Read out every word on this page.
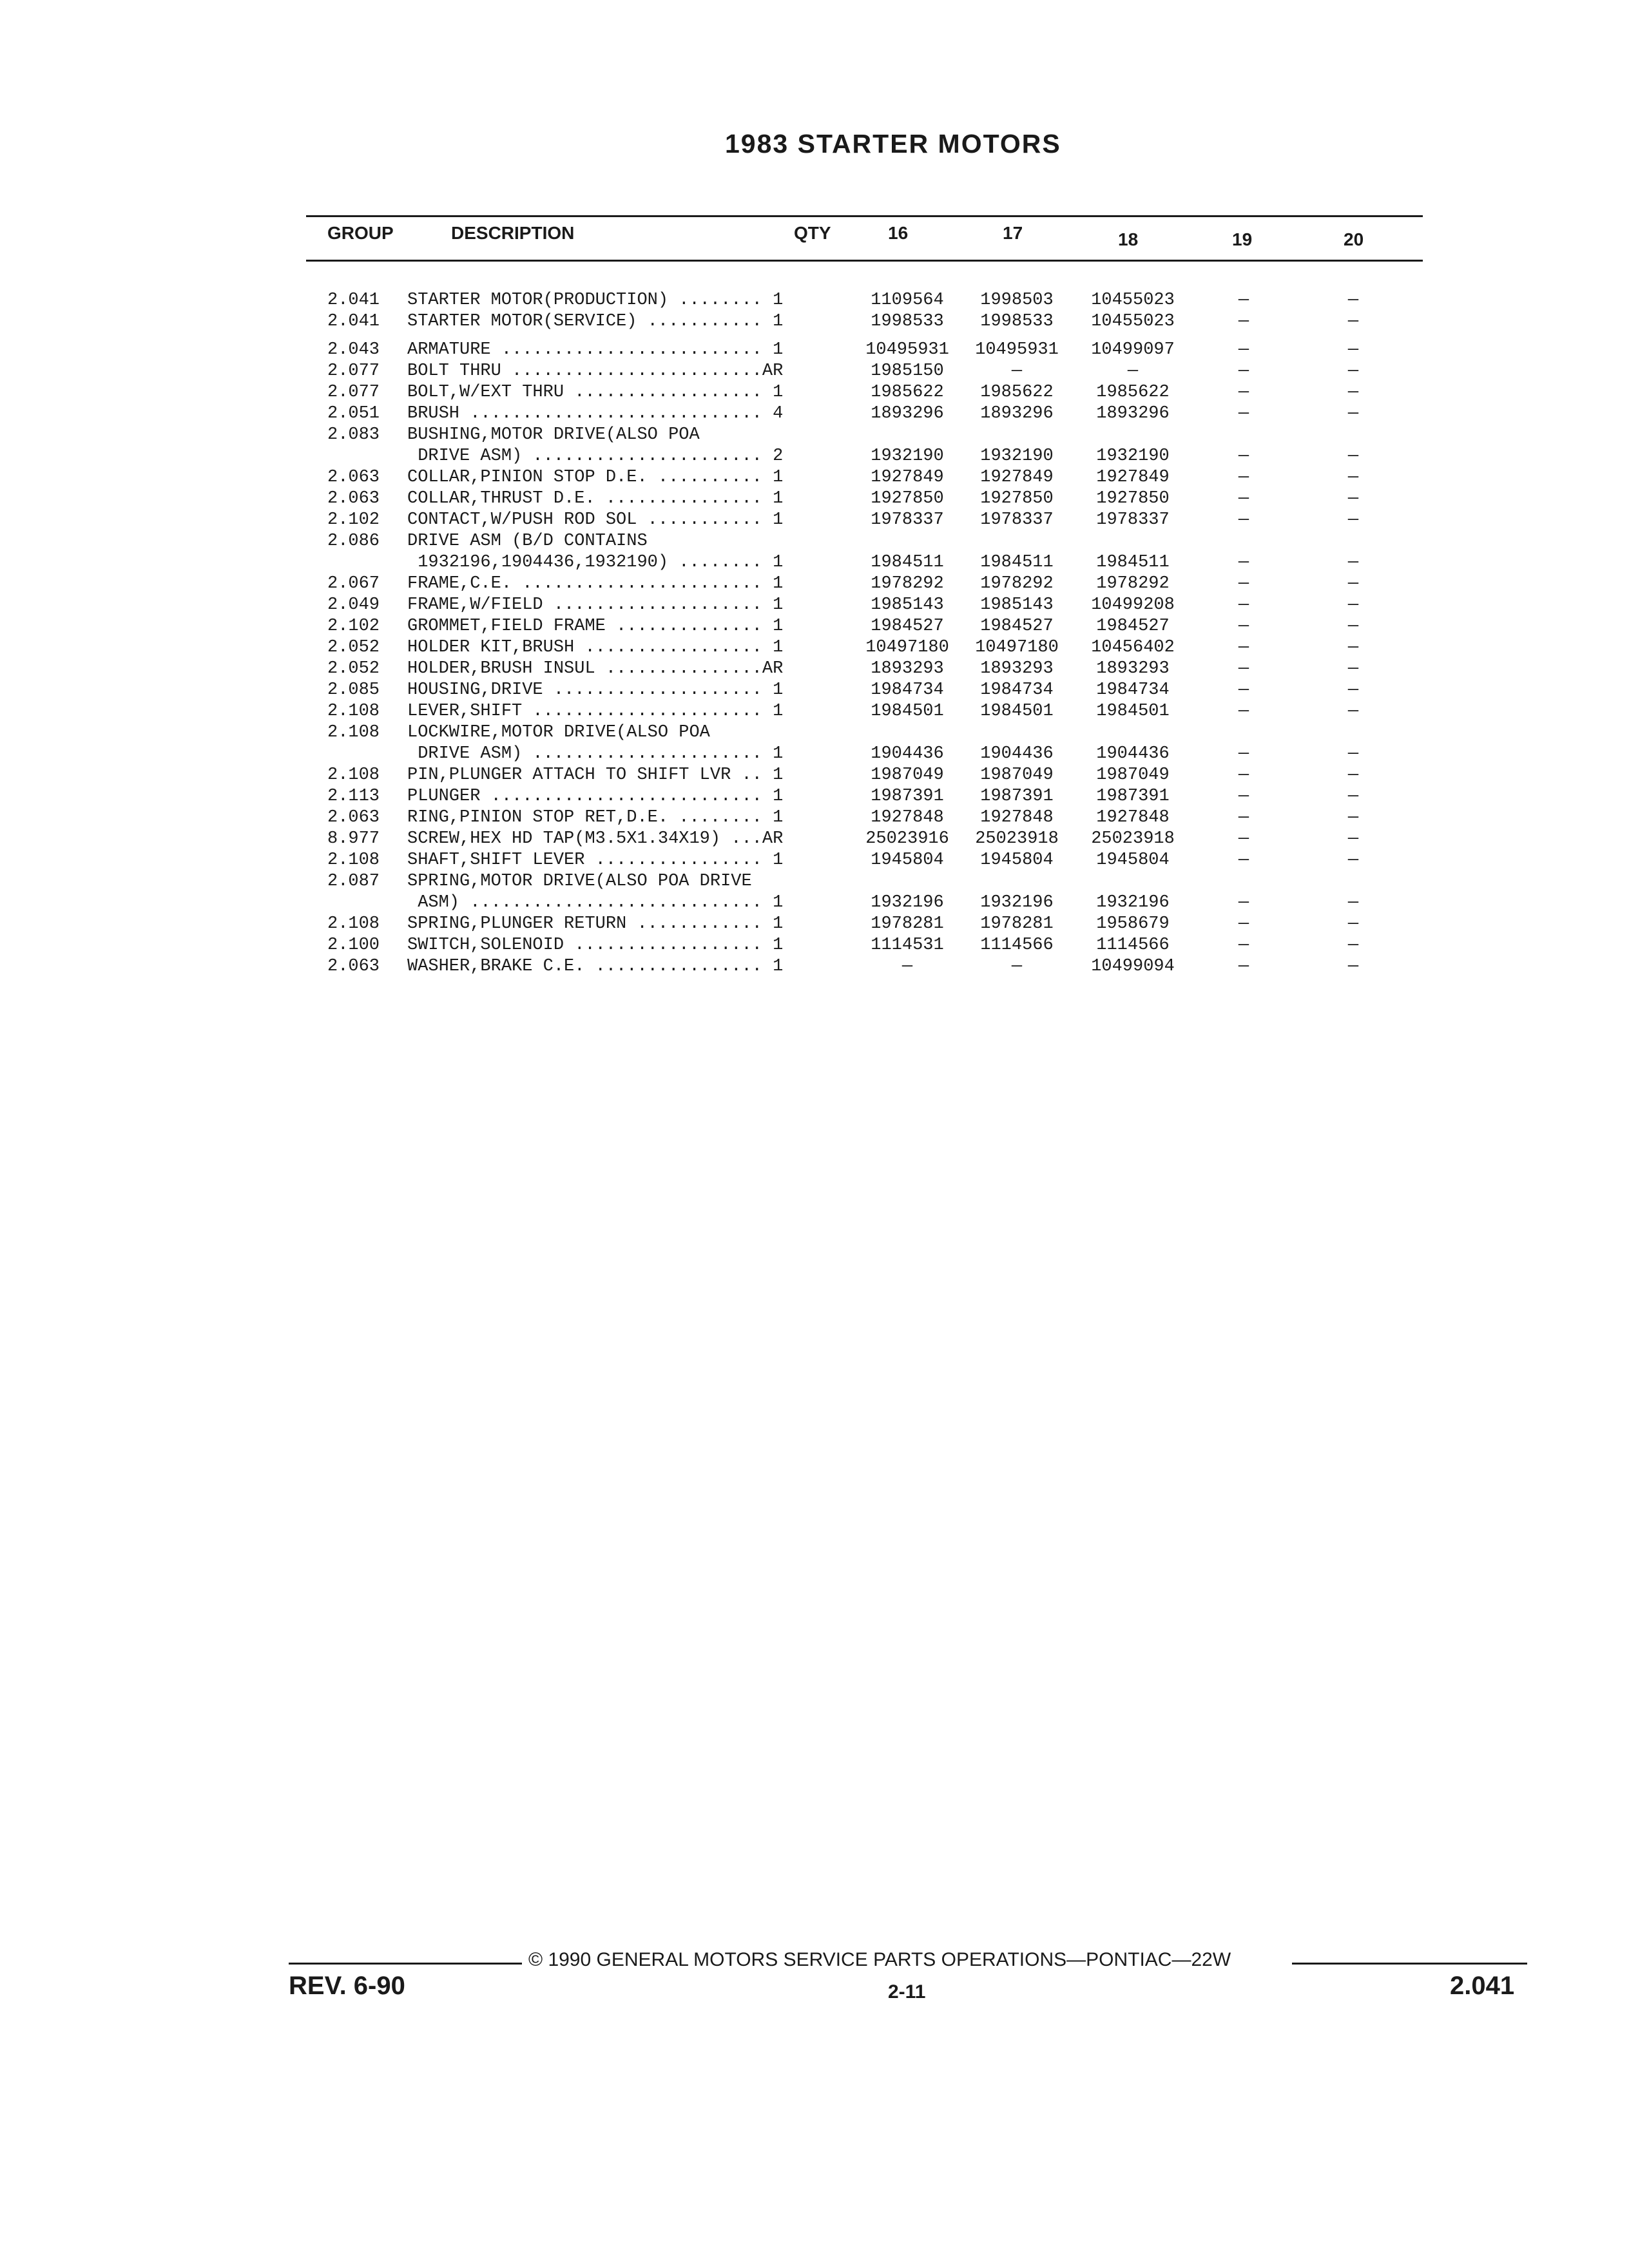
1983 STARTER MOTORS
GROUP	DESCRIPTION	QTY	16	17	18	19	20
2.041 STARTER MOTOR(PRODUCTION) ........ 1	1109564	1998503	10455023	—	—
2.041 STARTER MOTOR(SERVICE) ........... 1	1998533	1998533	10455023	—	—
2.043 ARMATURE ......................... 1	10495931	10495931	10499097	—	—
2.077 BOLT THRU ........................AR	1985150	—	—	—	—
2.077 BOLT,W/EXT THRU .................. 1	1985622	1985622	1985622	—	—
2.051 BRUSH ............................ 4	1893296	1893296	1893296	—	—
2.083 BUSHING,MOTOR DRIVE(ALSO POA
DRIVE ASM) ...................... 2	1932190	1932190	1932190	—	—
2.063 COLLAR,PINION STOP D.E. .......... 1	1927849	1927849	1927849	—	—
2.063 COLLAR,THRUST D.E. ............... 1	1927850	1927850	1927850	—	—
2.102 CONTACT,W/PUSH ROD SOL ........... 1	1978337	1978337	1978337	—	—
2.086 DRIVE ASM (B/D CONTAINS
1932196,1904436,1932190) ........ 1	1984511	1984511	1984511	—	—
2.067 FRAME,C.E. ....................... 1	1978292	1978292	1978292	—	—
2.049 FRAME,W/FIELD .................... 1	1985143	1985143	10499208	—	—
2.102 GROMMET,FIELD FRAME .............. 1	1984527	1984527	1984527	—	—
2.052 HOLDER KIT,BRUSH ................. 1	10497180	10497180	10456402	—	—
2.052 HOLDER,BRUSH INSUL ...............AR	1893293	1893293	1893293	—	—
2.085 HOUSING,DRIVE .................... 1	1984734	1984734	1984734	—	—
2.108 LEVER,SHIFT ...................... 1	1984501	1984501	1984501	—	—
2.108 LOCKWIRE,MOTOR DRIVE(ALSO POA
DRIVE ASM) ...................... 1	1904436	1904436	1904436	—	—
2.108 PIN,PLUNGER ATTACH TO SHIFT LVR .. 1	1987049	1987049	1987049	—	—
2.113 PLUNGER .......................... 1	1987391	1987391	1987391	—	—
2.063 RING,PINION STOP RET,D.E. ........ 1	1927848	1927848	1927848	—	—
8.977 SCREW,HEX HD TAP(M3.5X1.34X19) ...AR	25023916	25023918	25023918	—	—
2.108 SHAFT,SHIFT LEVER ................ 1	1945804	1945804	1945804	—	—
2.087 SPRING,MOTOR DRIVE(ALSO POA DRIVE
ASM) ............................ 1	1932196	1932196	1932196	—	—
2.108 SPRING,PLUNGER RETURN ............ 1	1978281	1978281	1958679	—	—
2.100 SWITCH,SOLENOID .................. 1	1114531	1114566	1114566	—	—
2.063 WASHER,BRAKE C.E. ................ 1	—	—	10499094	—	—
© 1990 GENERAL MOTORS SERVICE PARTS OPERATIONS—PONTIAC—22W
REV. 6-90	2-11	2.041
